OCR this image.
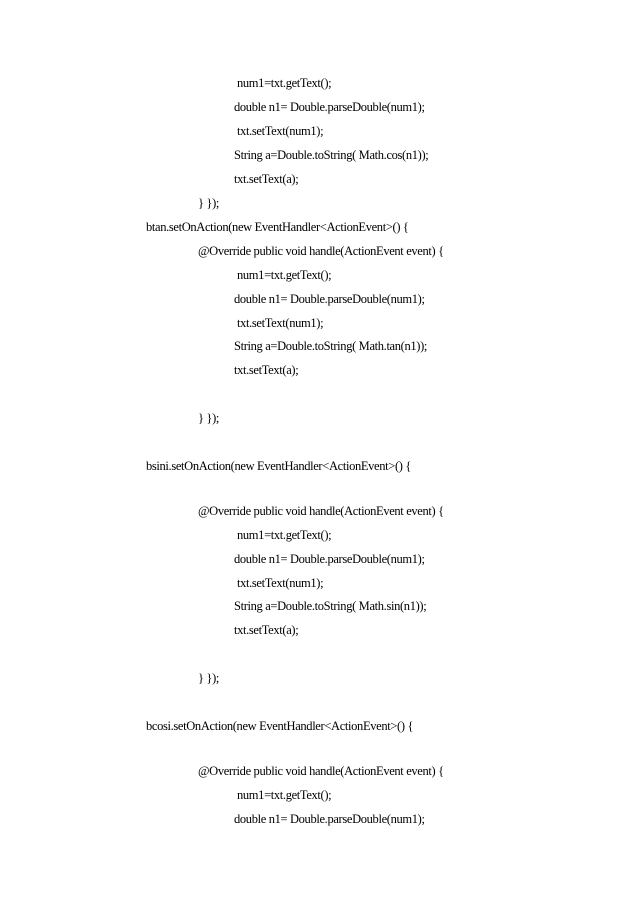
num1=txt.getText();
double n1= Double.parseDouble(num1);
txt.setText(num1);
String a=Double.toString( Math.cos(n1));
txt.setText(a);
} });
btan.setOnAction(new EventHandler<ActionEvent>() {
@Override public void handle(ActionEvent event) {
num1=txt.getText();
double n1= Double.parseDouble(num1);
txt.setText(num1);
String a=Double.toString( Math.tan(n1));
txt.setText(a);
} });
bsini.setOnAction(new EventHandler<ActionEvent>() {
@Override public void handle(ActionEvent event) {
num1=txt.getText();
double n1= Double.parseDouble(num1);
txt.setText(num1);
String a=Double.toString( Math.sin(n1));
txt.setText(a);
} });
bcosi.setOnAction(new EventHandler<ActionEvent>() {
@Override public void handle(ActionEvent event) {
num1=txt.getText();
double n1= Double.parseDouble(num1);
